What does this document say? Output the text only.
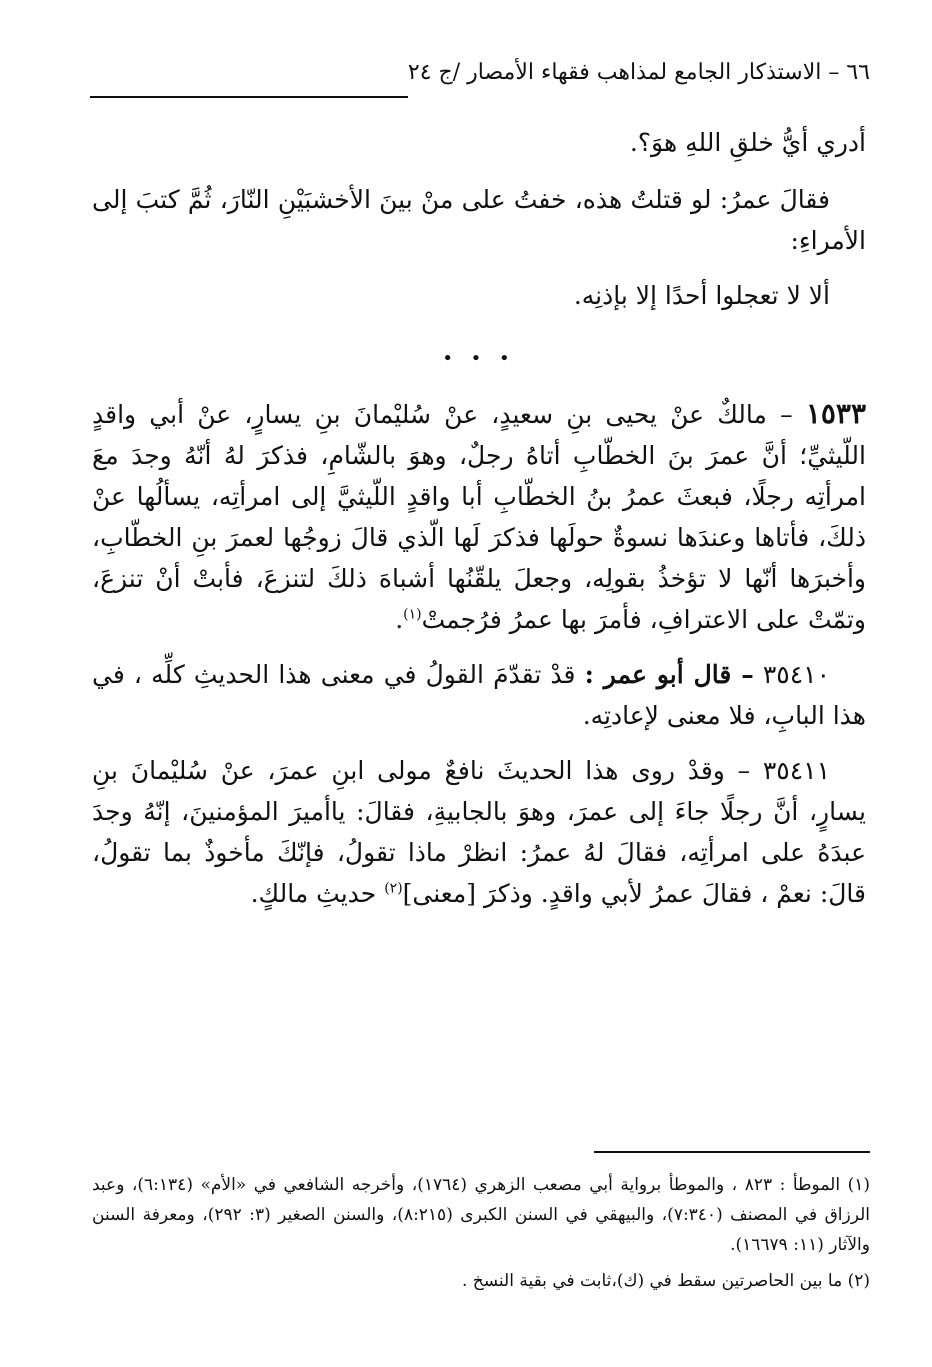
٦٦ – الاستذكار الجامع لمذاهب فقهاء الأمصار /ج ٢٤

أدري أيُّ خلقِ اللهِ هوَ؟.

فقالَ عمرُ: لو قتلتُ هذه، خفتُ على منْ بينَ الأخشبَيْنِ النّارَ، ثُمَّ كتبَ إلى الأمراءِ:

ألا لا تعجلوا أحدًا إلا بإذنِه.

• • •

١٥٣٣ – مالكٌ عنْ يحيى بنِ سعيدٍ، عنْ سُليْمانَ بنِ يسارٍ، عنْ أبي واقدٍ اللّيثيِّ؛ أنَّ عمرَ بنَ الخطّابِ أتاهُ رجلٌ، وهوَ بالشّامِ، فذكرَ لهُ أنّهُ وجدَ معَ امرأتِه رجلًا، فبعثَ عمرُ بنُ الخطّابِ أبا واقدٍ اللّيثيَّ إلى امرأتِه، يسألُها عنْ ذلكَ، فأتاها وعندَها نسوةٌ حولَها فذكرَ لَها الّذي قالَ زوجُها لعمرَ بنِ الخطّابِ، وأخبرَها أنّها لا تؤخذُ بقولِه، وجعلَ يلقّنُها أشباهَ ذلكَ لتنزعَ، فأبتْ أنْ تنزعَ، وتمّتْ على الاعترافِ، فأمرَ بها عمرُ فرُجمتْ$^{(١)}$.

٣٥٤١٠ – قال أبو عمر : قدْ تقدّمَ القولُ في معنى هذا الحديثِ كلِّه ، في هذا البابِ، فلا معنى لإعادتِه.

٣٥٤١١ – وقدْ روى هذا الحديثَ نافعٌ مولى ابنِ عمرَ، عنْ سُليْمانَ بنِ يسارٍ، أنَّ رجلًا جاءَ إلى عمرَ، وهوَ بالجابيةِ، فقالَ: ياأميرَ المؤمنينَ، إنّهُ وجدَ عبدَهُ على امرأتِه، فقالَ لهُ عمرُ: انظرْ ماذا تقولُ، فإنّكَ مأخوذٌ بما تقولُ، قالَ: نعمْ ، فقالَ عمرُ لأبي واقدٍ. وذكرَ [معنى]$^{(٢)}$ حديثِ مالكٍ.

(١) الموطأ : ٨٢٣ ، والموطأ برواية أبي مصعب الزهري (١٧٦٤)، وأخرجه الشافعي في «الأم» (٦:١٣٤)، وعبد الرزاق في المصنف (٧:٣٤٠)، والبيهقي في السنن الكبرى (٨:٢١٥)، والسنن الصغير (٣: ٢٩٢)، ومعرفة السنن والآثار (١١: ١٦٦٧٩).

(٢) ما بين الحاصرتين سقط في (ك)،ثابت في بقية النسخ .
